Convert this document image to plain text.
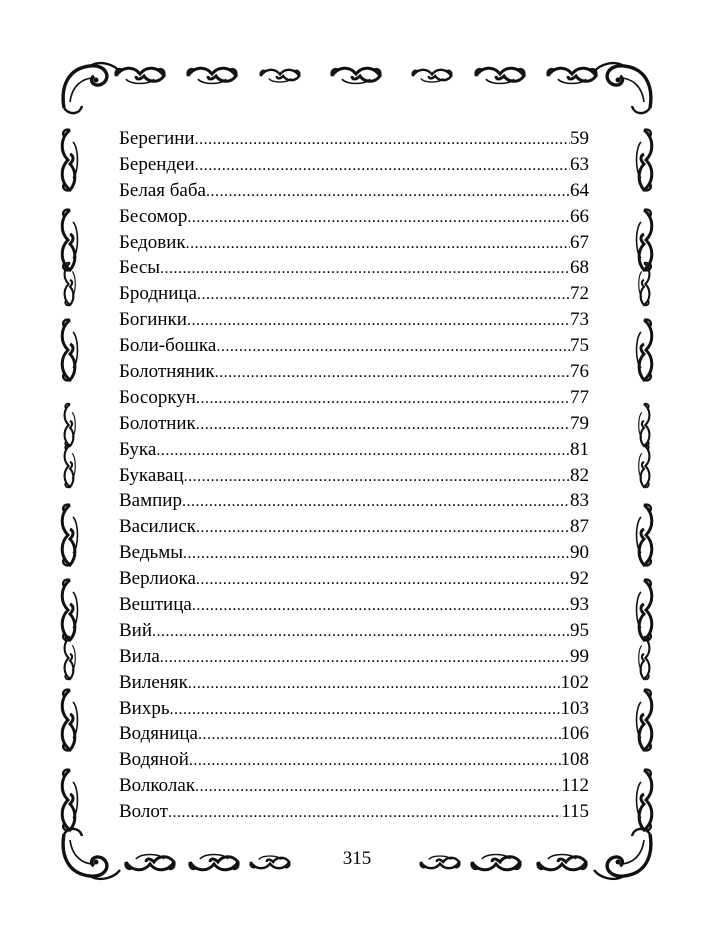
Берегини .....	59
Берендеи .....	63
Белая баба .....	64
Бесомор .....	66
Бедовик .....	67
Бесы .....	68
Бродница .....	72
Богинки .....	73
Боли-бошка .....	75
Болотняник .....	76
Босоркун .....	77
Болотник .....	79
Бука .....	81
Букавац .....	82
Вампир .....	83
Василиск .....	87
Ведьмы .....	90
Верлиока .....	92
Вештица .....	93
Вий .....	95
Вила .....	99
Виленяк .....	102
Вихрь .....	103
Водяница .....	106
Водяной .....	108
Волколак .....	112
Волот .....	115
315
